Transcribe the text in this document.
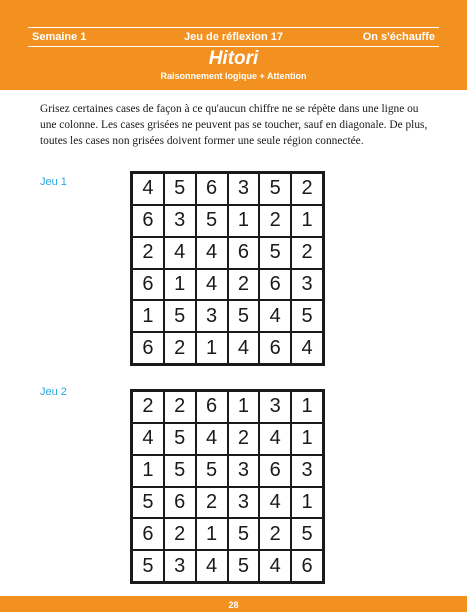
Semaine 1	Jeu de réflexion 17	On s'échauffe
Hitori
Raisonnement logique + Attention
Grisez certaines cases de façon à ce qu'aucun chiffre ne se répète dans une ligne ou une colonne. Les cases grisées ne peuvent pas se toucher, sauf en diagonale. De plus, toutes les cases non grisées doivent former une seule région connectée.
Jeu 1	4	5	6	3	5	2
6	3	5	1	2	1
2	4	4	6	5	2
6	1	4	2	6	3
1	5	3	5	4	5
6	2	1	4	6	4
Jeu 2
2	2	6	1	3	1
4	5	4	2	4	1
1	5	5	3	6	3
5	6	2	3	4	1
6	2	1	5	2	5
5	3	4	5	4	6
28
